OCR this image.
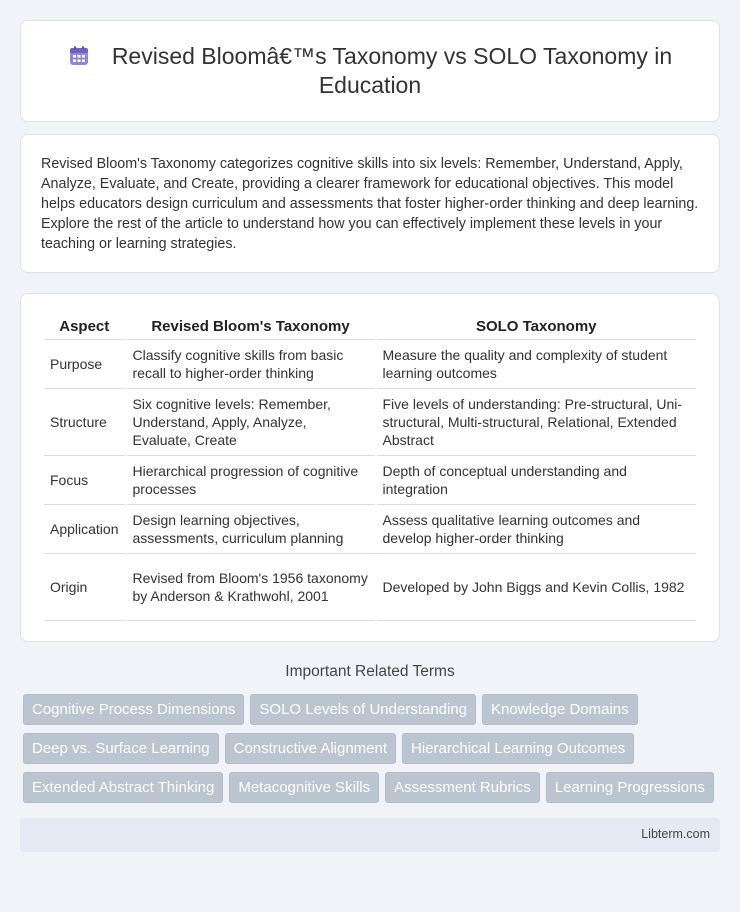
Revised Bloomâ€™s Taxonomy vs SOLO Taxonomy in Education

Revised Bloom's Taxonomy categorizes cognitive skills into six levels: Remember, Understand, Apply, Analyze, Evaluate, and Create, providing a clearer framework for educational objectives. This model helps educators design curriculum and assessments that foster higher-order thinking and deep learning. Explore the rest of the article to understand how you can effectively implement these levels in your teaching or learning strategies.

Aspect	Revised Bloom's Taxonomy	SOLO Taxonomy
Purpose	Classify cognitive skills from basic recall to higher-order thinking	Measure the quality and complexity of student learning outcomes
Structure	Six cognitive levels: Remember, Understand, Apply, Analyze, Evaluate, Create	Five levels of understanding: Pre-structural, Uni-structural, Multi-structural, Relational, Extended Abstract
Focus	Hierarchical progression of cognitive processes	Depth of conceptual understanding and integration
Application	Design learning objectives, assessments, curriculum planning	Assess qualitative learning outcomes and develop higher-order thinking
Origin	Revised from Bloom's 1956 taxonomy by Anderson & Krathwohl, 2001	Developed by John Biggs and Kevin Collis, 1982
Important Related Terms
Cognitive Process Dimensions	SOLO Levels of Understanding	Knowledge Domains
Deep vs. Surface Learning	Constructive Alignment	Hierarchical Learning Outcomes
Extended Abstract Thinking	Metacognitive Skills	Assessment Rubrics	Learning Progressions
Libterm.com
